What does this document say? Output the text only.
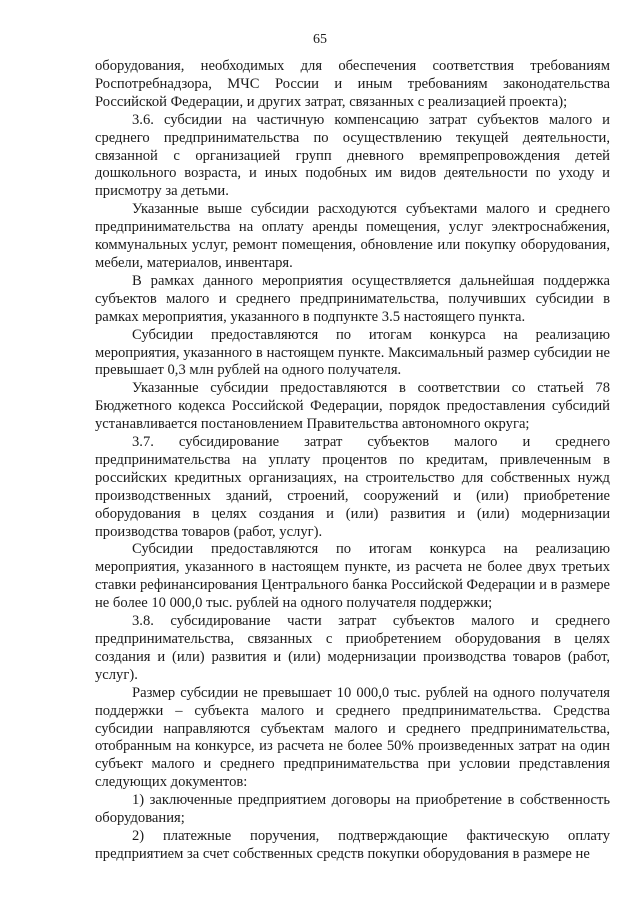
65

оборудования, необходимых для обеспечения соответствия требованиям Роспотребнадзора, МЧС России и иным требованиям законодательства Российской Федерации, и других затрат, связанных с реализацией проекта);

3.6. субсидии на частичную компенсацию затрат субъектов малого и среднего предпринимательства по осуществлению текущей деятельности, связанной с организацией групп дневного времяпрепровождения детей дошкольного возраста, и иных подобных им видов деятельности по уходу и присмотру за детьми.

Указанные выше субсидии расходуются субъектами малого и среднего предпринимательства на оплату аренды помещения, услуг электроснабжения, коммунальных услуг, ремонт помещения, обновление или покупку оборудования, мебели, материалов, инвентаря.

В рамках данного мероприятия осуществляется дальнейшая поддержка субъектов малого и среднего предпринимательства, получивших субсидии в рамках мероприятия, указанного в подпункте 3.5 настоящего пункта.

Субсидии предоставляются по итогам конкурса на реализацию мероприятия, указанного в настоящем пункте. Максимальный размер субсидии не превышает 0,3 млн рублей на одного получателя.

Указанные субсидии предоставляются в соответствии со статьей 78 Бюджетного кодекса Российской Федерации, порядок предоставления субсидий устанавливается постановлением Правительства автономного округа;

3.7. субсидирование затрат субъектов малого и среднего предпринимательства на уплату процентов по кредитам, привлеченным в российских кредитных организациях, на строительство для собственных нужд производственных зданий, строений, сооружений и (или) приобретение оборудования в целях создания и (или) развития и (или) модернизации производства товаров (работ, услуг).

Субсидии предоставляются по итогам конкурса на реализацию мероприятия, указанного в настоящем пункте, из расчета не более двух третьих ставки рефинансирования Центрального банка Российской Федерации и в размере не более 10 000,0 тыс. рублей на одного получателя поддержки;

3.8. субсидирование части затрат субъектов малого и среднего предпринимательства, связанных с приобретением оборудования в целях создания и (или) развития и (или) модернизации производства товаров (работ, услуг).

Размер субсидии не превышает 10 000,0 тыс. рублей на одного получателя поддержки – субъекта малого и среднего предпринимательства. Средства субсидии направляются субъектам малого и среднего предпринимательства, отобранным на конкурсе, из расчета не более 50% произведенных затрат на один субъект малого и среднего предпринимательства при условии представления следующих документов:

1) заключенные предприятием договоры на приобретение в собственность оборудования;

2) платежные поручения, подтверждающие фактическую оплату предприятием за счет собственных средств покупки оборудования в размере не
